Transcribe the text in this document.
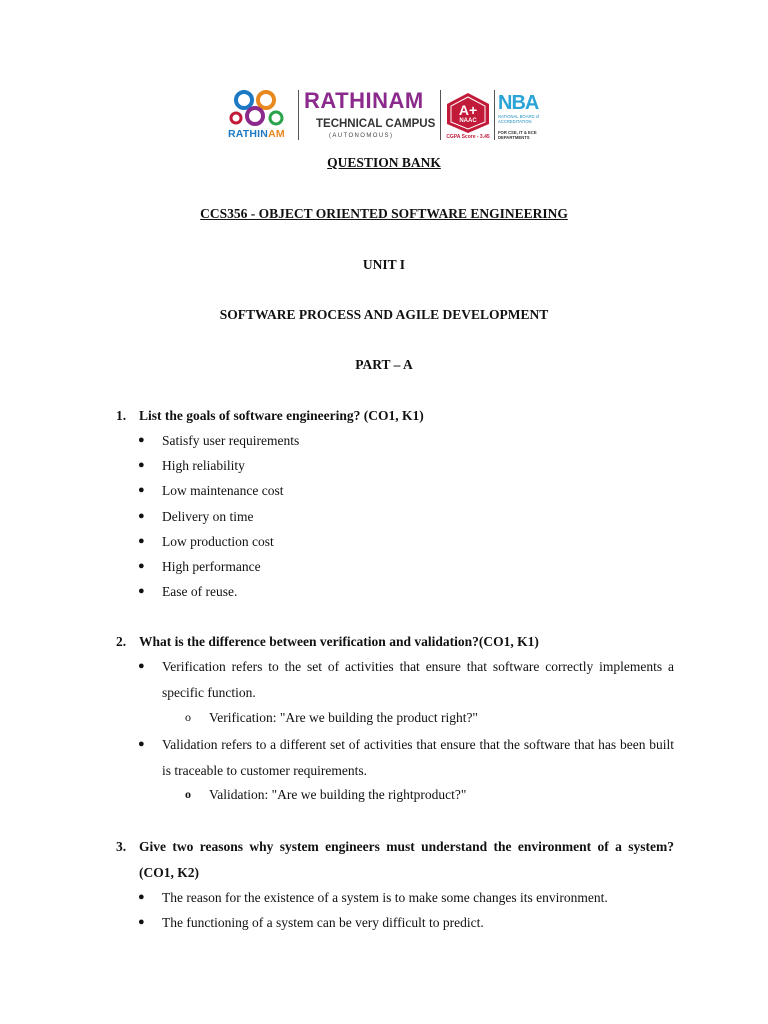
RATHINAM
RATHINAM
TECHNICAL CAMPUS
(AUTONOMOUS)
A+
NAAC
CGPA Score - 3.45
NBA
NATIONAL BOARD of ACCREDITATION
FOR CSE, IT & ECE DEPARTMENTS
QUESTION BANK
CCS356 - OBJECT ORIENTED SOFTWARE ENGINEERING
UNIT I
SOFTWARE PROCESS AND AGILE DEVELOPMENT
PART – A
1. List the goals of software engineering? (CO1, K1)
● Satisfy user requirements
● High reliability
● Low maintenance cost
● Delivery on time
● Low production cost
● High performance
● Ease of reuse.
2. What is the difference between verification and validation?(CO1, K1)
● Verification refers to the set of activities that ensure that software correctly implements a specific function.
o Verification: "Are we building the product right?"
● Validation refers to a different set of activities that ensure that the software that has been built is traceable to customer requirements.
o Validation: "Are we building the rightproduct?"
3. Give two reasons why system engineers must understand the environment of a system? (CO1, K2)
● The reason for the existence of a system is to make some changes its environment.
● The functioning of a system can be very difficult to predict.
